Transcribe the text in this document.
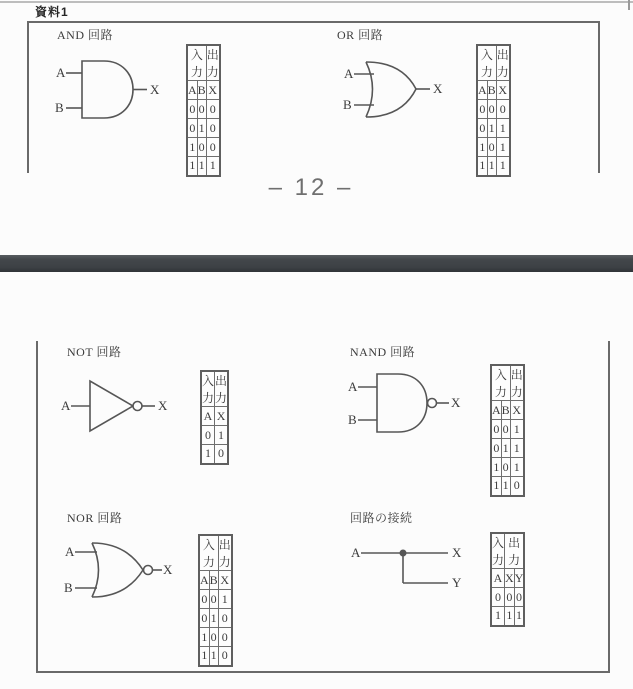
資料1
AND 回路
A
B
X
入力		出力
A	B	X
0	0	0
0	1	0
1	0	0
1	1	1
OR 回路
A
B
X
入力		出力
A	B	X
0	0	0
0	1	1
1	0	1
1	1	1
– 12 –
NOT 回路
A	X
入力	出力
A	X
0	1
1	0
NAND 回路
A
B
X
入力		出力
A	B	X
0	0	1
0	1	1
1	0	1
1	1	0
NOR 回路
A
B
X
入力		出力
A	B	X
0	0	1
0	1	0
1	0	0
1	1	0
回路の接続
A	X
Y
入力	出力	
A	X	Y
0	0	0
1	1	1
